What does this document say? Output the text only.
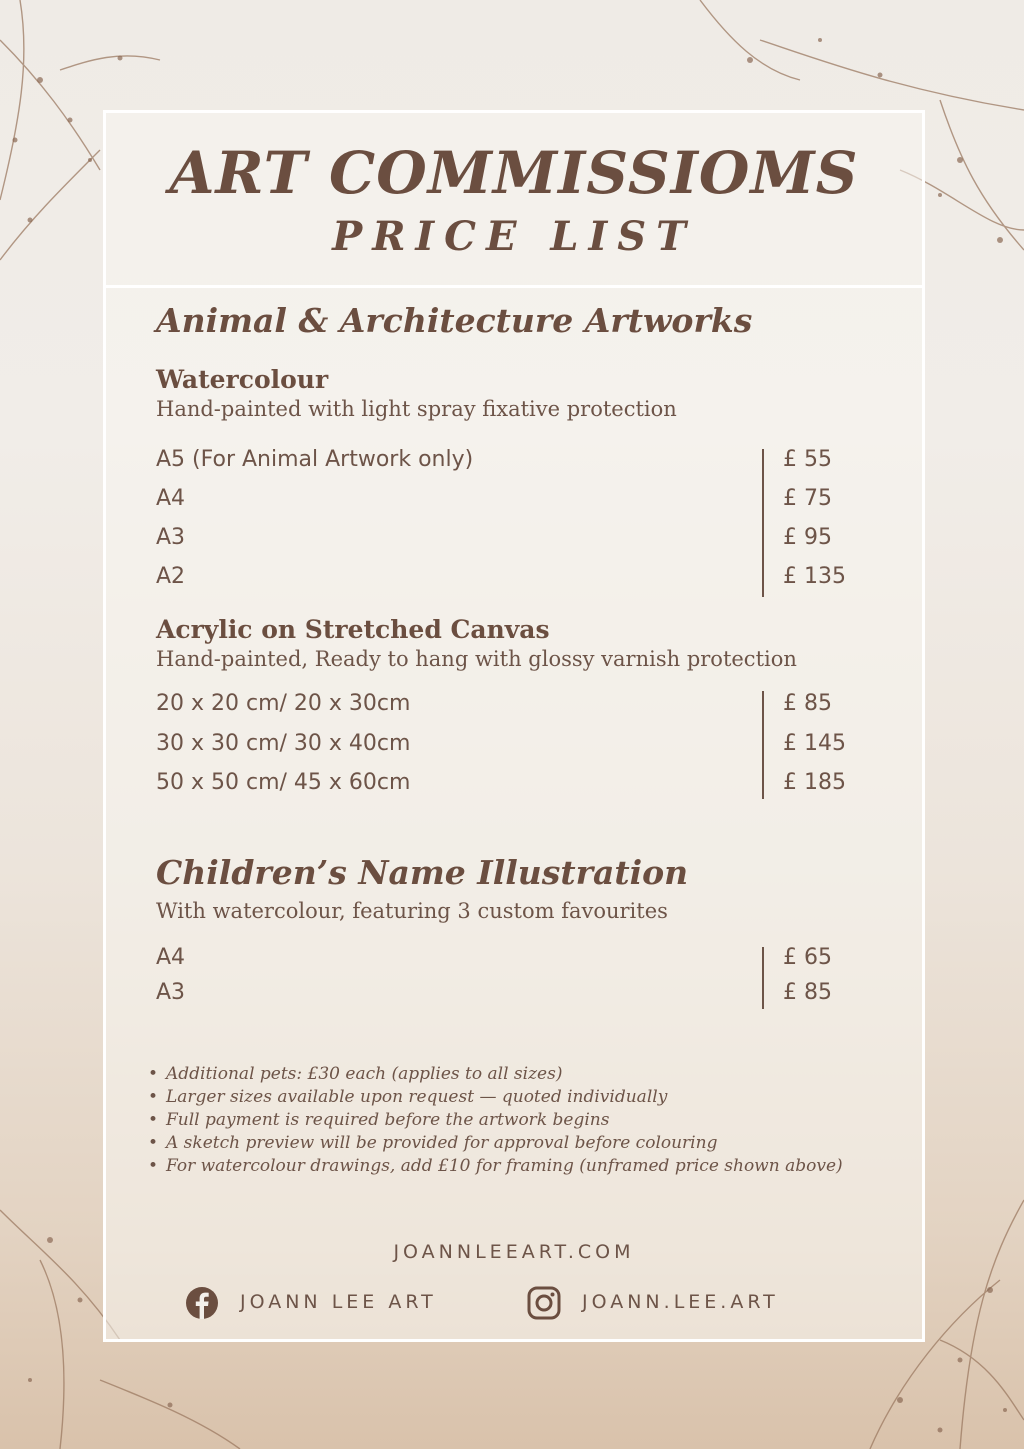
ART COMMISSIOMS
PRICE LIST
Animal & Architecture Artworks
Watercolour
Hand-painted with light spray fixative protection
A5 (For Animal Artwork only)	£ 55
A4	£ 75
A3	£ 95
A2	£ 135
Acrylic on Stretched Canvas
Hand-painted, Ready to hang with glossy varnish protection
20 x 20 cm/ 20 x 30cm	£ 85
30 x 30 cm/ 30 x 40cm	£ 145
50 x 50 cm/ 45 x 60cm	£ 185
Children’s Name Illustration
With watercolour, featuring 3 custom favourites
A4	£ 65
A3	£ 85
• Additional pets: £30 each (applies to all sizes)
• Larger sizes available upon request — quoted individually
• Full payment is required before the artwork begins
• A sketch preview will be provided for approval before colouring
• For watercolour drawings, add £10 for framing (unframed price shown above)
JOANNLEEART.COM
JOANN LEE ART	JOANN.LEE.ART
